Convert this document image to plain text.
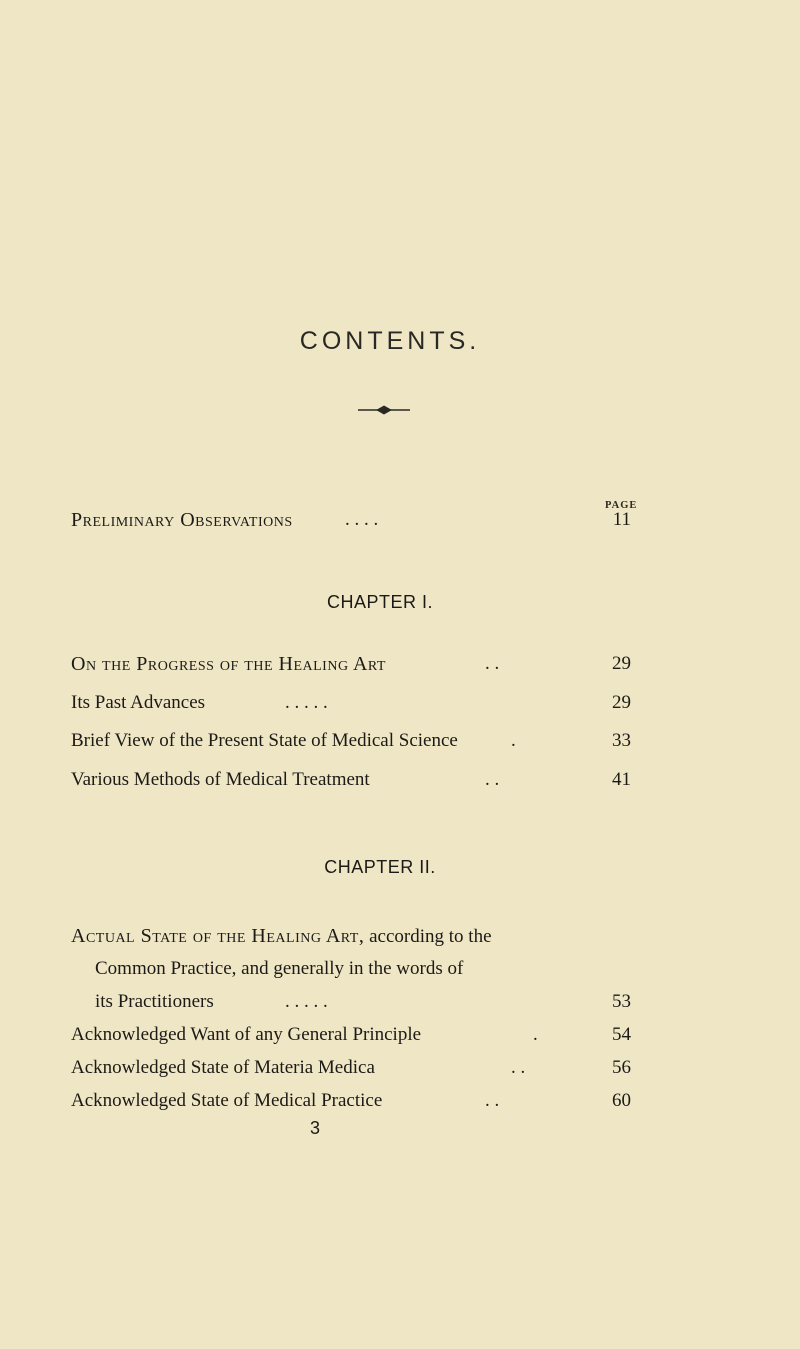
CONTENTS.
PAGE
Preliminary Observations	. . . .	11
CHAPTER I.
On the Progress of the Healing Art	. .	29
Its Past Advances	. . . . .	29
Brief View of the Present State of Medical Science	.	33
Various Methods of Medical Treatment	. .	41
CHAPTER II.
Actual State of the Healing Art, according to the
Common Practice, and generally in the words of
its Practitioners	. . . . .	53
Acknowledged Want of any General Principle	.	54
Acknowledged State of Materia Medica	. .	56
Acknowledged State of Medical Practice	. .	60
3
